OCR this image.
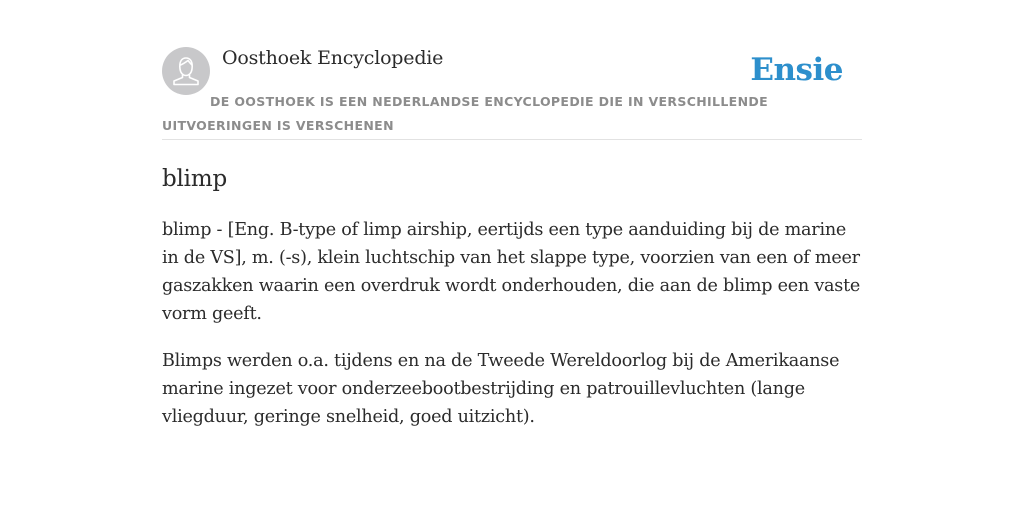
Oosthoek Encyclopedie	Ensie
DE OOSTHOEK IS EEN NEDERLANDSE ENCYCLOPEDIE DIE IN VERSCHILLENDE UITVOERINGEN IS VERSCHENEN
blimp

blimp - [Eng. B-type of limp airship, eertijds een type aanduiding bij de marine in de VS], m. (-s), klein luchtschip van het slappe type, voorzien van een of meer gaszakken waarin een overdruk wordt onderhouden, die aan de blimp een vaste vorm geeft.

Blimps werden o.a. tijdens en na de Tweede Wereldoorlog bij de Amerikaanse marine ingezet voor onderzeebootbestrijding en patrouillevluchten (lange vliegduur, geringe snelheid, goed uitzicht).
